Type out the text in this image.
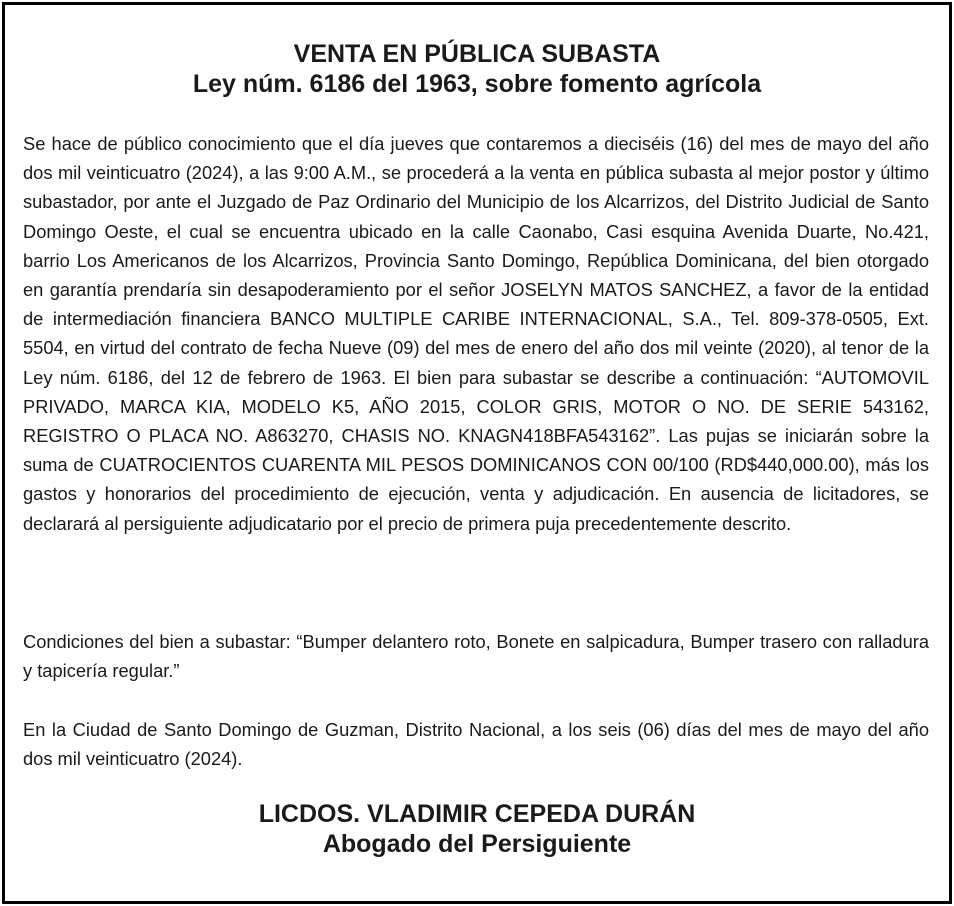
VENTA EN PÚBLICA SUBASTA
Ley núm. 6186 del 1963, sobre fomento agrícola

Se hace de público conocimiento que el día jueves que contaremos a dieciséis (16) del mes de mayo del año dos mil veinticuatro (2024), a las 9:00 A.M., se procederá a la venta en pública subasta al mejor postor y último subastador, por ante el Juzgado de Paz Ordinario del Municipio de los Alcarrizos, del Distrito Judicial de Santo Domingo Oeste, el cual se encuentra ubicado en la calle Caonabo, Casi esquina Avenida Duarte, No.421, barrio Los Americanos de los Alcarrizos, Provincia Santo Domingo, República Dominicana, del bien otorgado en garantía prendaría sin desapoderamiento por el señor JOSELYN MATOS SANCHEZ, a favor de la entidad de intermediación financiera BANCO MULTIPLE CARIBE INTERNACIONAL, S.A., Tel. 809-378-0505, Ext. 5504, en virtud del contrato de fecha Nueve (09) del mes de enero del año dos mil veinte (2020), al tenor de la Ley núm. 6186, del 12 de febrero de 1963. El bien para subastar se describe a continuación: “AUTOMOVIL PRIVADO, MARCA KIA, MODELO K5, AÑO 2015, COLOR GRIS, MOTOR O NO. DE SERIE 543162, REGISTRO O PLACA NO. A863270, CHASIS NO. KNAGN418BFA543162”. Las pujas se iniciarán sobre la suma de CUATROCIENTOS CUARENTA MIL PESOS DOMINICANOS CON 00/100 (RD$440,000.00), más los gastos y honorarios del procedimiento de ejecución, venta y adjudicación. En ausencia de licitadores, se declarará al persiguiente adjudicatario por el precio de primera puja precedentemente descrito.

Condiciones del bien a subastar: “Bumper delantero roto, Bonete en salpicadura, Bumper trasero con ralladura y tapicería regular.”

En la Ciudad de Santo Domingo de Guzman, Distrito Nacional, a los seis (06) días del mes de mayo del año dos mil veinticuatro (2024).

LICDOS. VLADIMIR CEPEDA DURÁN
Abogado del Persiguiente
